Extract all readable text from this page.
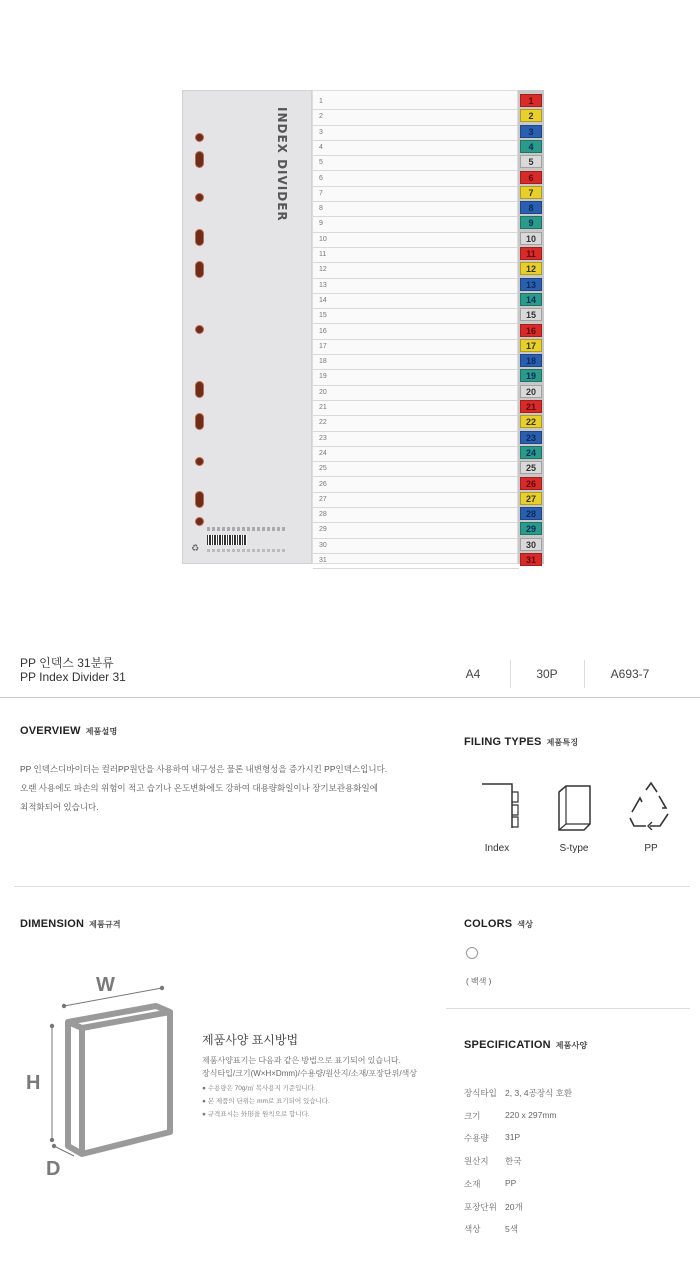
INDEX DIVIDER
♻
1
2
3
4
5
6
7
8
9
10
11
12
13
14
15
16
17
18
19
20
21
22
23
24
25
26
27
28
29
30
31
1
2
3
4
5
6
7
8
9
10
11
12
13
14
15
16
17
18
19
20
21
22
23
24
25
26
27
28
29
30
31
PP 인덱스 31분류
PP Index Divider 31	A4	30P	A693-7
OVERVIEW 제품설명
PP 인덱스디바이더는 컬러PP원단을 사용하여 내구성은 물론 내변형성을 증가시킨 PP인덱스입니다.
오랜 사용에도 파손의 위험이 적고 습기나 온도변화에도 강하여 대용량화일이나 장기보관용화일에
최적화되어 있습니다.
FILING TYPES 제품특징
Index	S-type	PP
DIMENSION 제품규격
W
H
D
제품사양 표시방법
제품사양표기는 다음과 같은 방법으로 표기되어 있습니다.
장식타입/크기(W×H×Dmm)/수용량/원산지/소재/포장단위/색상
● 수용량은 70g/㎡ 복사용지 기준입니다.
● 본 제품의 단위는 mm로 표기되어 있습니다.
● 규격표시는 外形을 원칙으로 합니다.
COLORS 색상
( 백색 )
SPECIFICATION 제품사양
장식타입 2, 3, 4공장식 호환
크기	220 x 297mm
수용량 31P
원산지 한국
소재	PP
포장단위 20개
색상	5색
